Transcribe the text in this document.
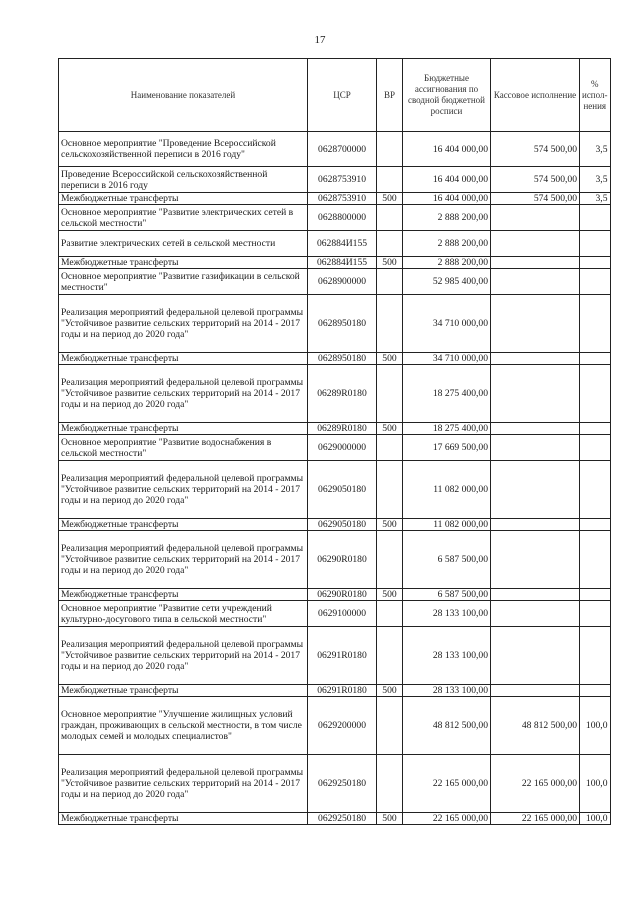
17
Наименование показателей	ЦСР	ВР	Бюджетные ассигнования по сводной бюджетной росписи	Кассовое исполнение	% испол- нения
Основное мероприятие "Проведение Всероссийской сельскохозяйственной переписи в 2016 году"	0628700000		16 404 000,00	574 500,00	3,5
Проведение Всероссийской сельскохозяйственной переписи в 2016 году	0628753910		16 404 000,00	574 500,00	3,5
Межбюджетные трансферты	0628753910	500	16 404 000,00	574 500,00	3,5
Основное мероприятие "Развитие электрических сетей в сельской местности"	0628800000		2 888 200,00		
Развитие электрических сетей в сельской местности	062884И155		2 888 200,00		
Межбюджетные трансферты	062884И155	500	2 888 200,00		
Основное мероприятие "Развитие газификации в сельской местности"	0628900000		52 985 400,00		
Реализация мероприятий федеральной целевой программы "Устойчивое развитие сельских территорий на 2014 - 2017 годы и на период до 2020 года"	0628950180		34 710 000,00		
Межбюджетные трансферты	0628950180	500	34 710 000,00		
Реализация мероприятий федеральной целевой программы "Устойчивое развитие сельских территорий на 2014 - 2017 годы и на период до 2020 года"	06289R0180		18 275 400,00		
Межбюджетные трансферты	06289R0180	500	18 275 400,00		
Основное мероприятие "Развитие водоснабжения в сельской местности"	0629000000		17 669 500,00		
Реализация мероприятий федеральной целевой программы "Устойчивое развитие сельских территорий на 2014 - 2017 годы и на период до 2020 года"	0629050180		11 082 000,00		
Межбюджетные трансферты	0629050180	500	11 082 000,00		
Реализация мероприятий федеральной целевой программы "Устойчивое развитие сельских территорий на 2014 - 2017 годы и на период до 2020 года"	06290R0180		6 587 500,00		
Межбюджетные трансферты	06290R0180	500	6 587 500,00		
Основное мероприятие "Развитие сети учреждений культурно-досугового типа в сельской местности"	0629100000		28 133 100,00		
Реализация мероприятий федеральной целевой программы "Устойчивое развитие сельских территорий на 2014 - 2017 годы и на период до 2020 года"	06291R0180		28 133 100,00		
Межбюджетные трансферты	06291R0180	500	28 133 100,00		
Основное мероприятие "Улучшение жилищных условий граждан, проживающих в сельской местности, в том числе молодых семей и молодых специалистов"	0629200000		48 812 500,00	48 812 500,00	100,0
Реализация мероприятий федеральной целевой программы "Устойчивое развитие сельских территорий на 2014 - 2017 годы и на период до 2020 года"	0629250180		22 165 000,00	22 165 000,00	100,0
Межбюджетные трансферты	0629250180	500	22 165 000,00	22 165 000,00	100,0
